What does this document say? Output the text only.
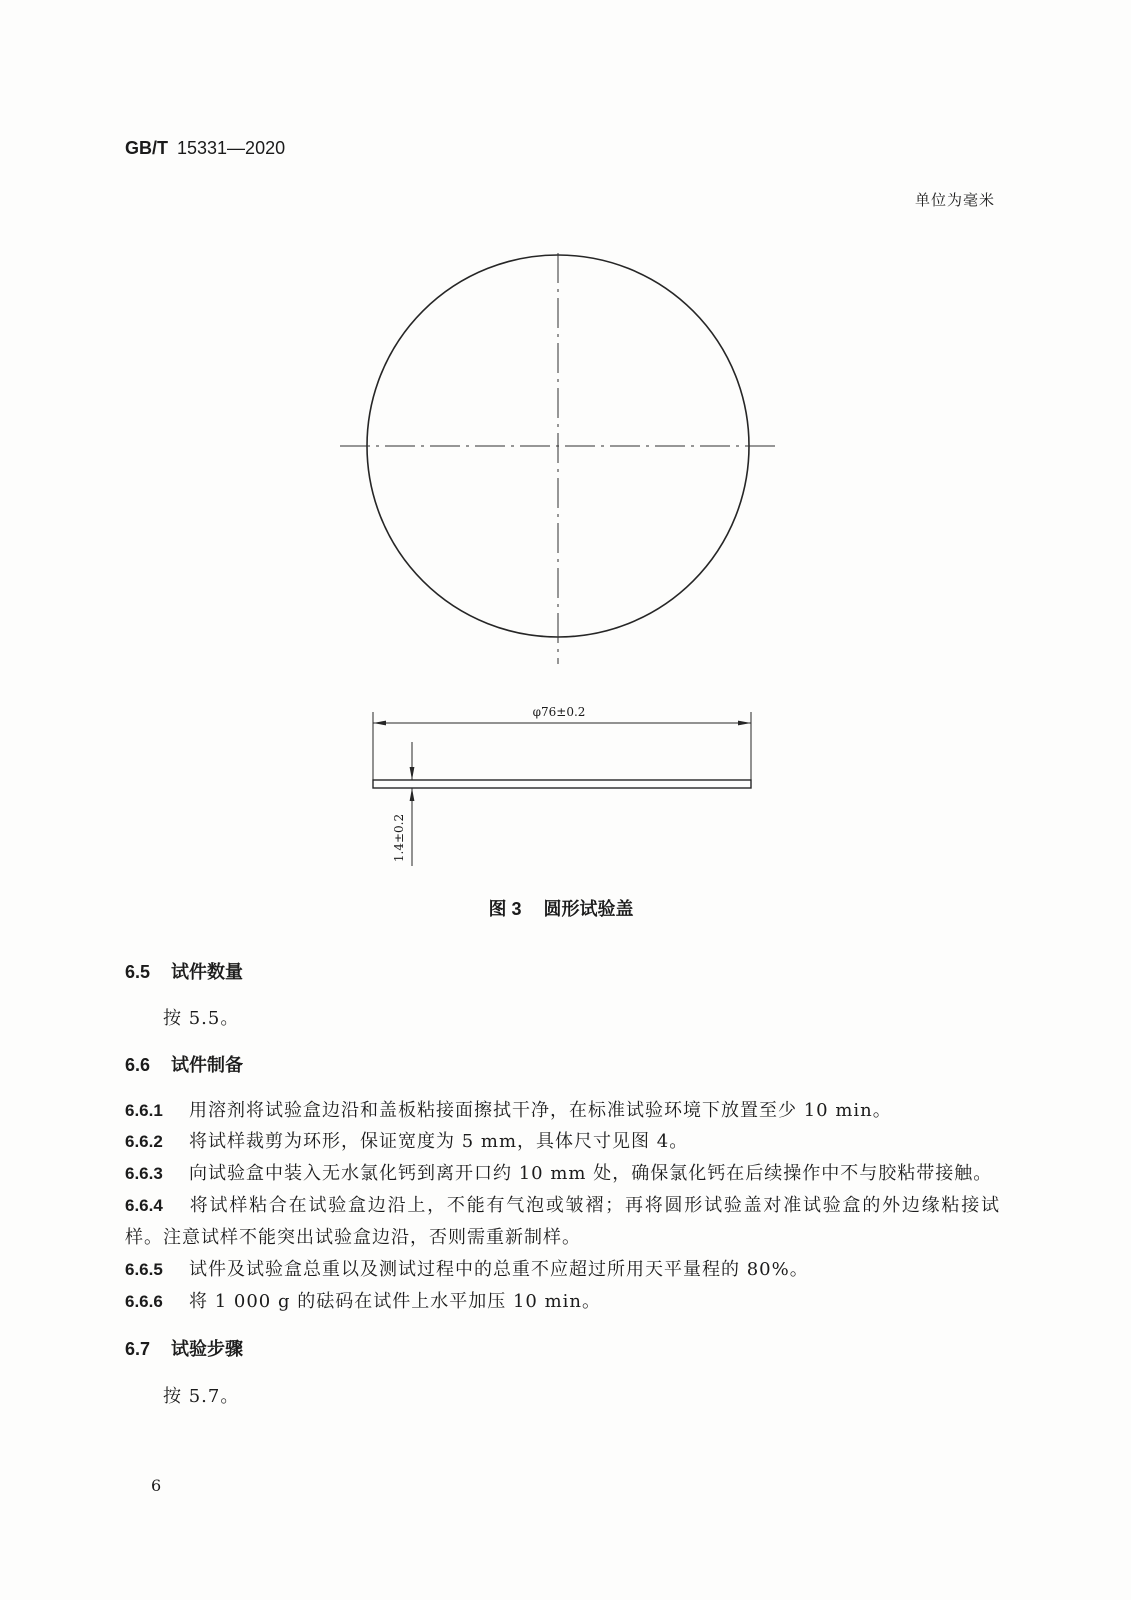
GB/T 15331—2020
单位为毫米
φ76±0.2
1.4±0.2
图 3 圆形试验盖
6.5 试件数量
按 5.5。
6.6 试件制备
6.6.1 用溶剂将试验盒边沿和盖板粘接面擦拭干净，在标准试验环境下放置至少 10 min。
6.6.2 将试样裁剪为环形，保证宽度为 5 mm，具体尺寸见图 4。
6.6.3 向试验盒中装入无水氯化钙到离开口约 10 mm 处，确保氯化钙在后续操作中不与胶粘带接触。
6.6.4 将试样粘合在试验盒边沿上，不能有气泡或皱褶；再将圆形试验盖对准试验盒的外边缘粘接试
样。注意试样不能突出试验盒边沿，否则需重新制样。
6.6.5 试件及试验盒总重以及测试过程中的总重不应超过所用天平量程的 80%。
6.6.6 将 1 000 g 的砝码在试件上水平加压 10 min。
6.7 试验步骤
按 5.7。
6
